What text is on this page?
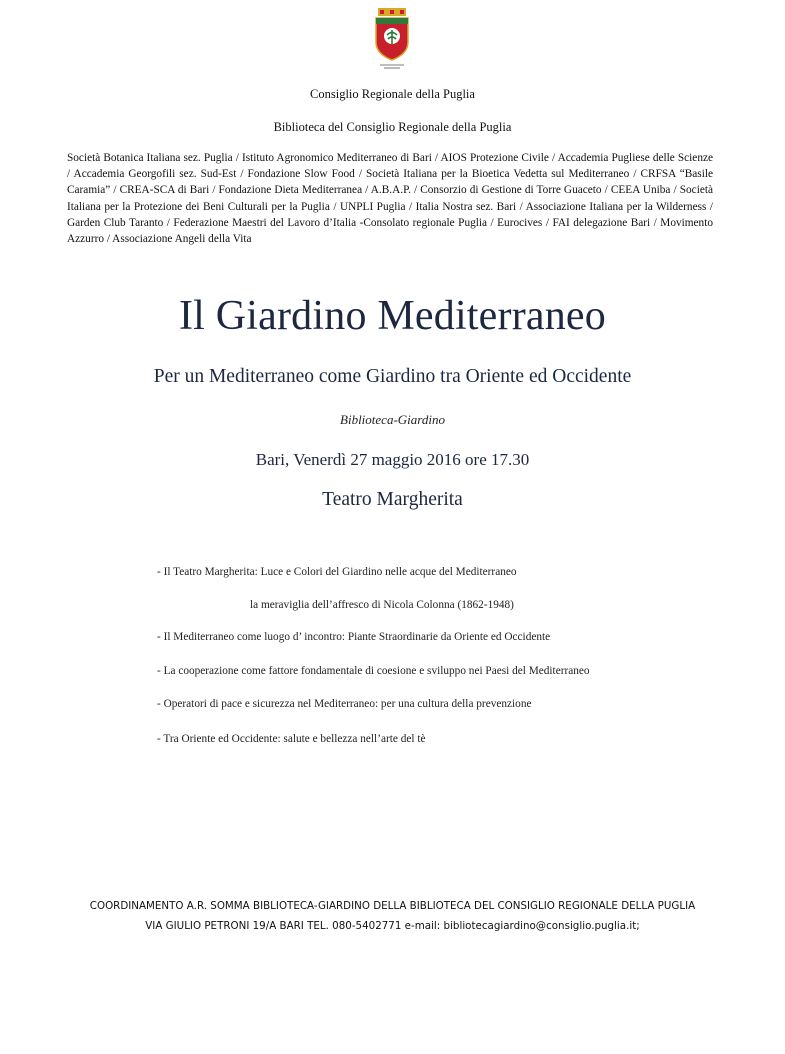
Consiglio Regionale della Puglia
Biblioteca del Consiglio Regionale della Puglia
Società Botanica Italiana sez. Puglia / Istituto Agronomico Mediterraneo di Bari / AIOS Protezione Civile / Accademia Pugliese delle Scienze / Accademia Georgofili sez. Sud-Est / Fondazione Slow Food / Società Italiana per la Bioetica Vedetta sul Mediterraneo / CRFSA “Basile Caramia” / CREA-SCA di Bari / Fondazione Dieta Mediterranea / A.B.A.P. / Consorzio di Gestione di Torre Guaceto / CEEA Uniba / Società Italiana per la Protezione dei Beni Culturali per la Puglia / UNPLI Puglia / Italia Nostra sez. Bari / Associazione Italiana per la Wilderness / Garden Club Taranto / Federazione Maestri del Lavoro d’Italia -Consolato regionale Puglia / Eurocives / FAI delegazione Bari / Movimento Azzurro / Associazione Angeli della Vita
Il Giardino Mediterraneo
Per un Mediterraneo come Giardino tra Oriente ed Occidente
Biblioteca-Giardino
Bari, Venerdì 27 maggio 2016 ore 17.30
Teatro Margherita
- Il Teatro Margherita: Luce e Colori del Giardino nelle acque del Mediterraneo
la meraviglia dell’affresco di Nicola Colonna (1862-1948)
- Il Mediterraneo come luogo d’ incontro: Piante Straordinarie da Oriente ed Occidente
- La cooperazione come fattore fondamentale di coesione e sviluppo nei Paesi del Mediterraneo
- Operatori di pace e sicurezza nel Mediterraneo: per una cultura della prevenzione
- Tra Oriente ed Occidente: salute e bellezza nell’arte del tè
COORDINAMENTO A.R. SOMMA BIBLIOTECA-GIARDINO DELLA BIBLIOTECA DEL CONSIGLIO REGIONALE DELLA PUGLIA
VIA GIULIO PETRONI 19/A BARI TEL. 080-5402771 e-mail: bibliotecagiardino@consiglio.puglia.it;
